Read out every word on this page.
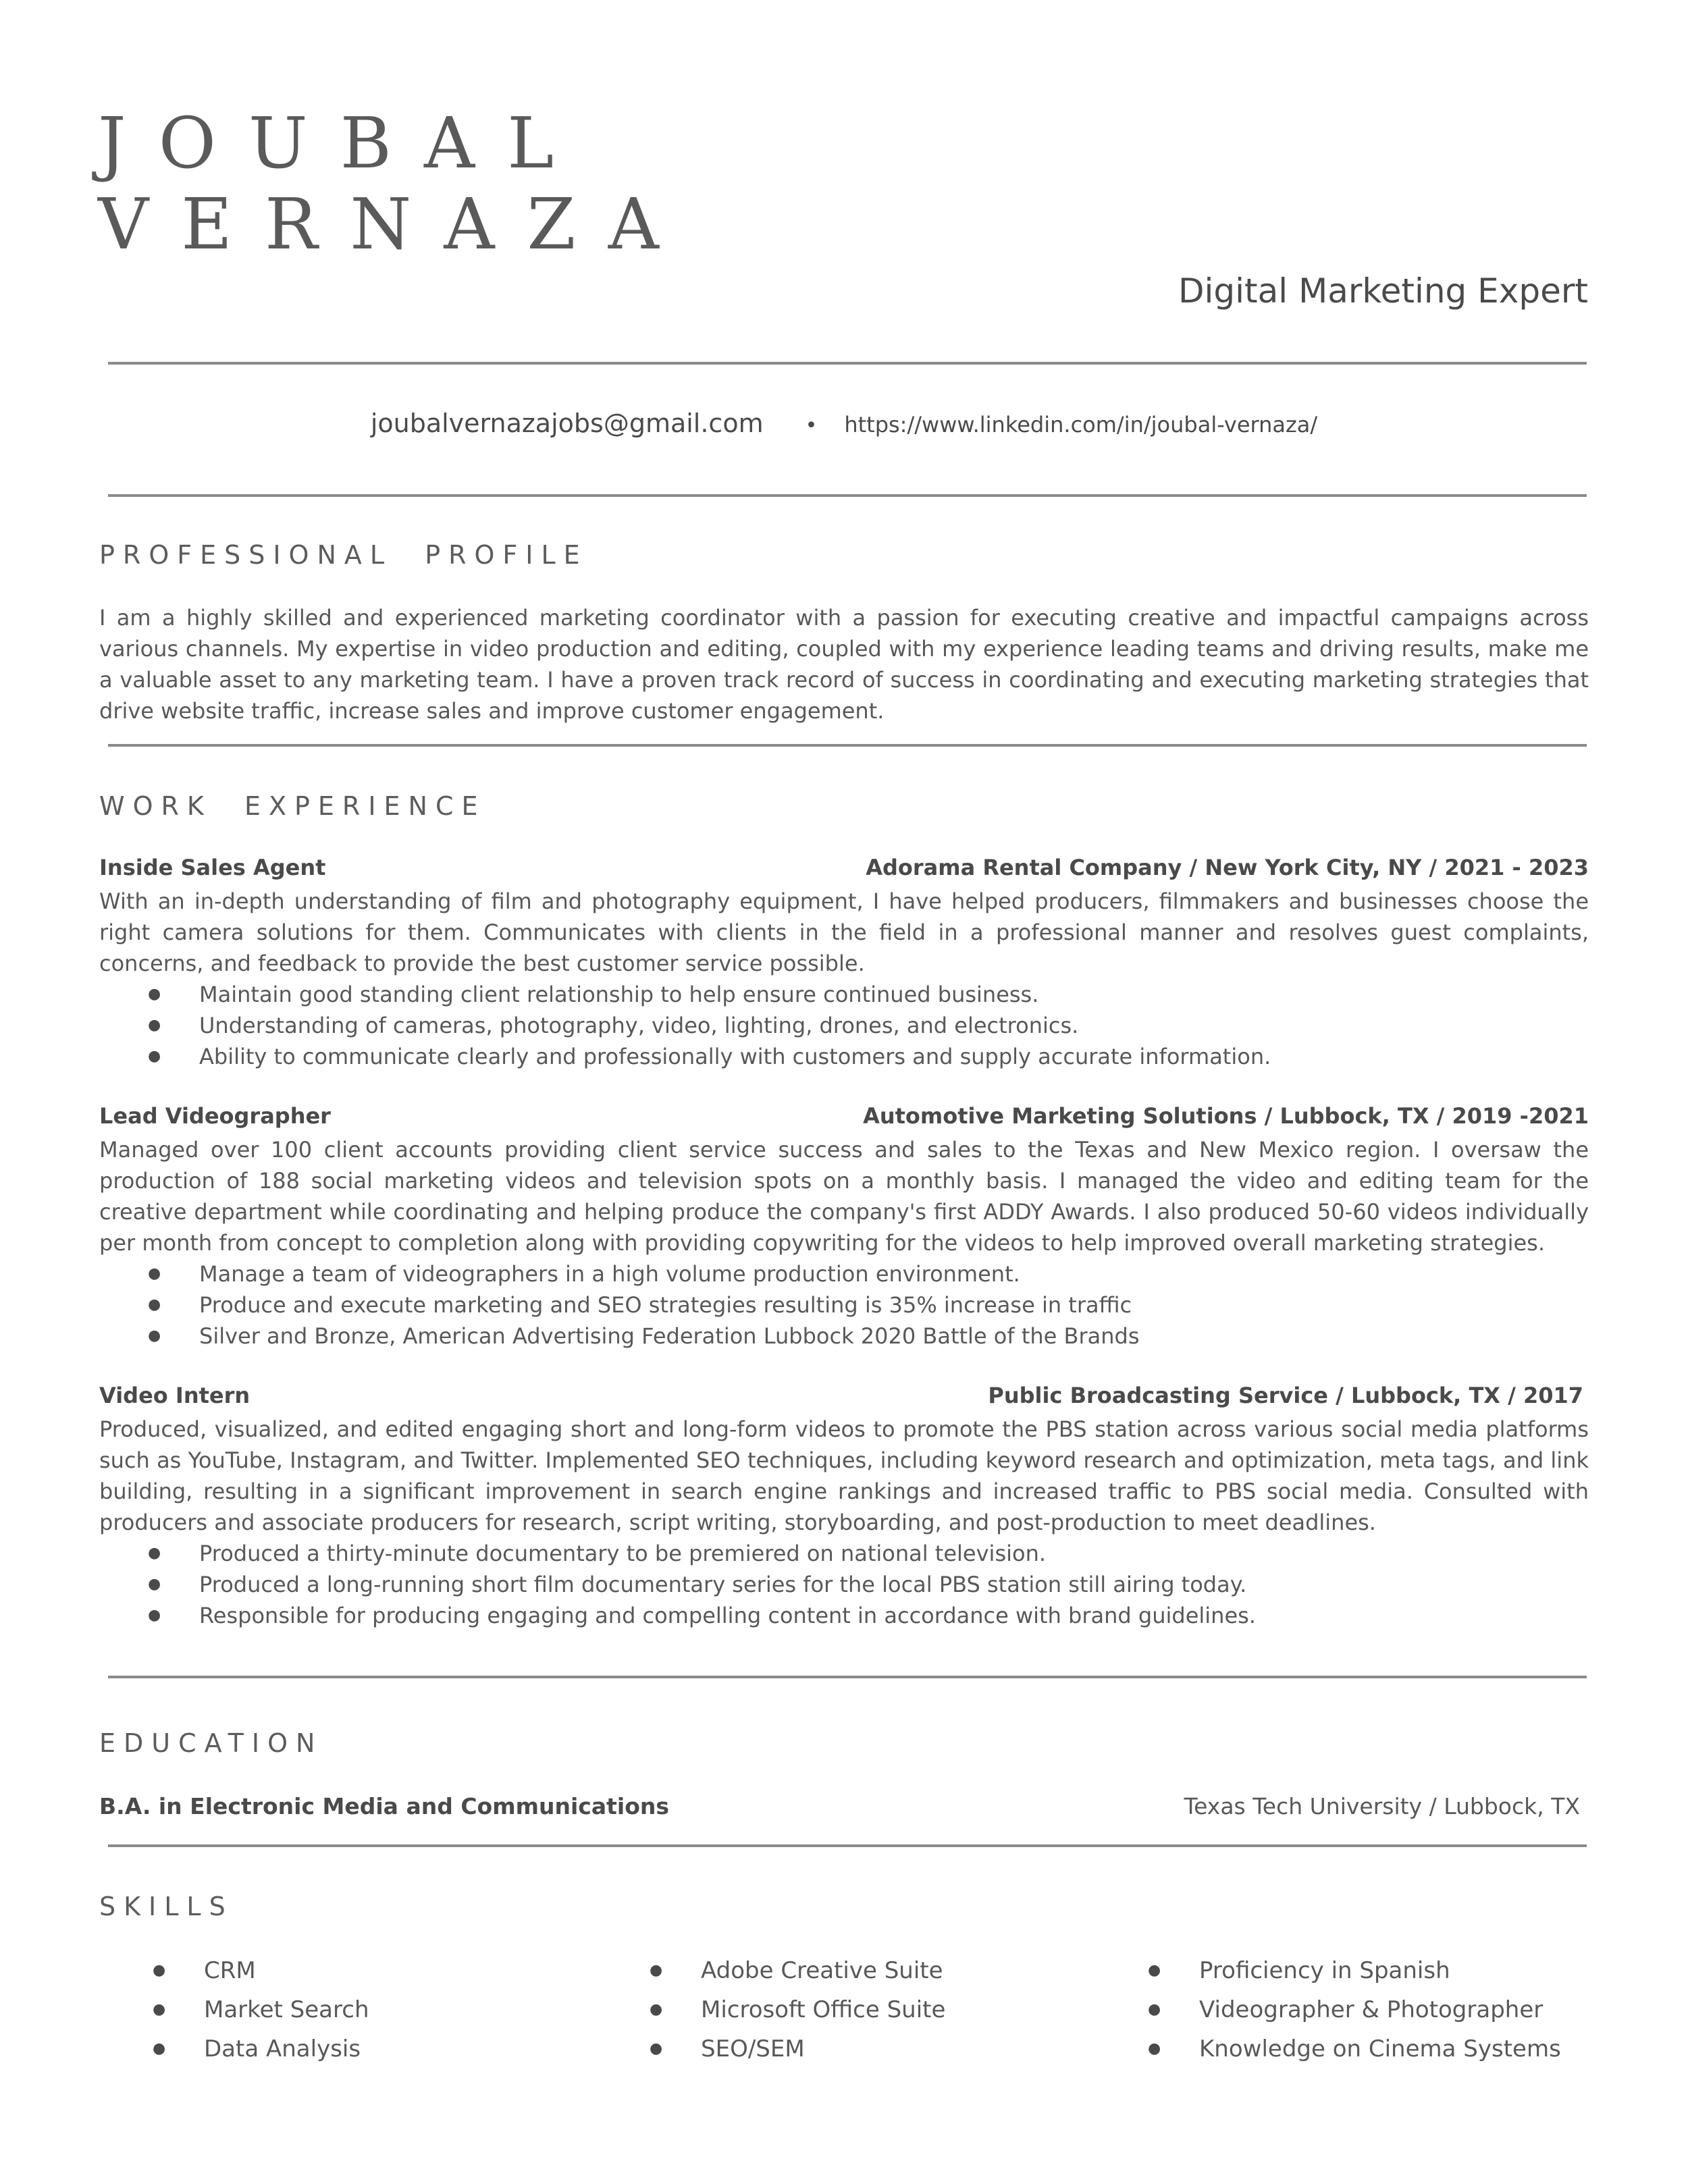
JOUBAL
VERNAZA
Digital Marketing Expert
joubalvernazajobs@gmail.com • https://www.linkedin.com/in/joubal-vernaza/
PROFESSIONAL  PROFILE

I am a highly skilled and experienced marketing coordinator with a passion for executing creative and impactful campaigns across various channels. My expertise in video production and editing, coupled with my experience leading teams and driving results, make me a valuable asset to any marketing team. I have a proven track record of success in coordinating and executing marketing strategies that drive website traffic, increase sales and improve customer engagement.

WORK  EXPERIENCE
Inside Sales Agent	Adorama Rental Company / New York City, NY / 2021 - 2023

With an in-depth understanding of film and photography equipment, I have helped producers, filmmakers and businesses choose the right camera solutions for them. Communicates with clients in the field in a professional manner and resolves guest complaints, concerns, and feedback to provide the best customer service possible.

● Maintain good standing client relationship to help ensure continued business.
● Understanding of cameras, photography, video, lighting, drones, and electronics.
● Ability to communicate clearly and professionally with customers and supply accurate information.
Lead Videographer	Automotive Marketing Solutions / Lubbock, TX / 2019 -2021

Managed over 100 client accounts providing client service success and sales to the Texas and New Mexico region. I oversaw the production of 188 social marketing videos and television spots on a monthly basis. I managed the video and editing team for the creative department while coordinating and helping produce the company's first ADDY Awards. I also produced 50-60 videos individually per month from concept to completion along with providing copywriting for the videos to help improved overall marketing strategies.

● Manage a team of videographers in a high volume production environment.
● Produce and execute marketing and SEO strategies resulting is 35% increase in traffic
● Silver and Bronze, American Advertising Federation Lubbock 2020 Battle of the Brands
Video Intern	Public Broadcasting Service / Lubbock, TX / 2017

Produced, visualized, and edited engaging short and long-form videos to promote the PBS station across various social media platforms such as YouTube, Instagram, and Twitter. Implemented SEO techniques, including keyword research and optimization, meta tags, and link building, resulting in a significant improvement in search engine rankings and increased traffic to PBS social media. Consulted with producers and associate producers for research, script writing, storyboarding, and post-production to meet deadlines.

● Produced a thirty-minute documentary to be premiered on national television.
● Produced a long-running short film documentary series for the local PBS station still airing today.
● Responsible for producing engaging and compelling content in accordance with brand guidelines.
EDUCATION
B.A. in Electronic Media and Communications	Texas Tech University / Lubbock, TX
SKILLS
● CRM
● Market Search
● Data Analysis
● Adobe Creative Suite
● Microsoft Office Suite
● SEO/SEM
● Proficiency in Spanish
● Videographer & Photographer
● Knowledge on Cinema Systems
